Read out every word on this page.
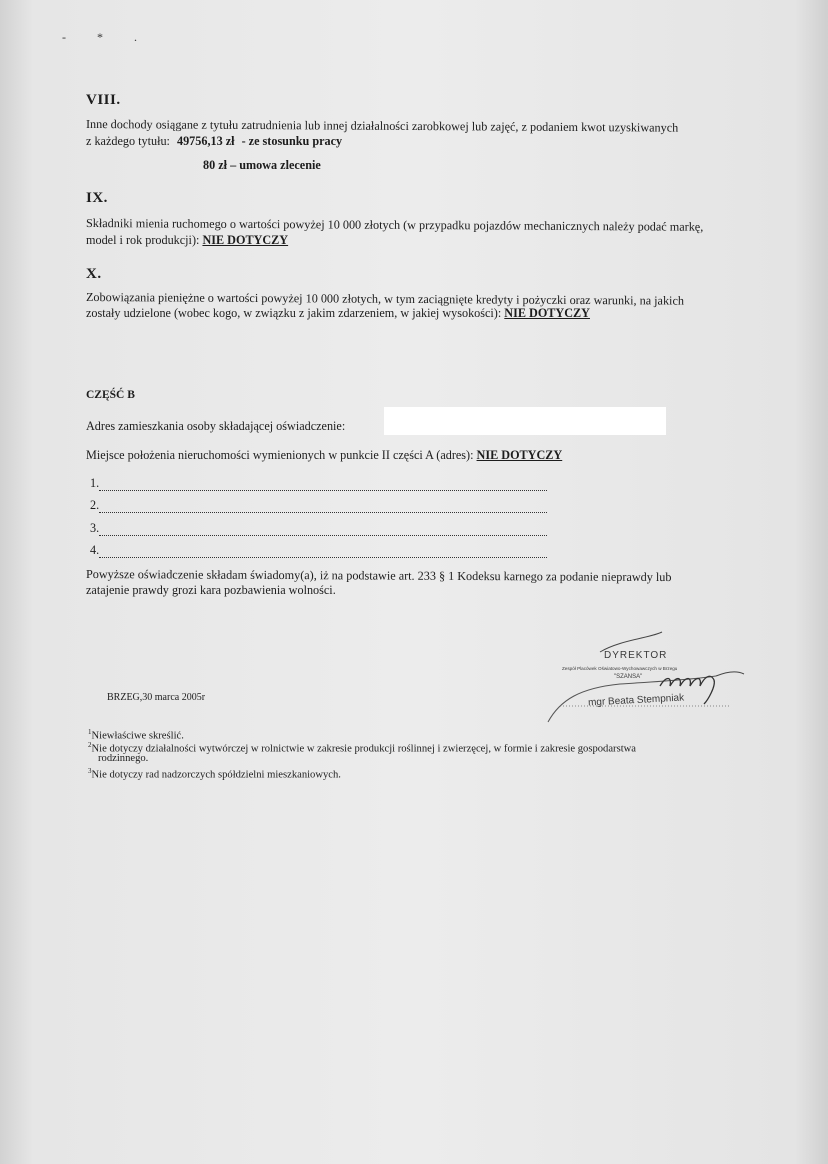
- * .
VIII.
Inne dochody osiągane z tytułu zatrudnienia lub innej działalności zarobkowej lub zajęć, z podaniem kwot uzyskiwanych
z każdego tytułu: 49756,13 zł - ze stosunku pracy
80 zł – umowa zlecenie
IX.
Składniki mienia ruchomego o wartości powyżej 10 000 złotych (w przypadku pojazdów mechanicznych należy podać markę,
model i rok produkcji): NIE DOTYCZY
X.
Zobowiązania pieniężne o wartości powyżej 10 000 złotych, w tym zaciągnięte kredyty i pożyczki oraz warunki, na jakich
zostały udzielone (wobec kogo, w związku z jakim zdarzeniem, w jakiej wysokości): NIE DOTYCZY
CZĘŚĆ B
Adres zamieszkania osoby składającej oświadczenie:
Miejsce położenia nieruchomości wymienionych w punkcie II części A (adres): NIE DOTYCZY
1.
2.
3.
4.
Powyższe oświadczenie składam świadomy(a), iż na podstawie art. 233 § 1 Kodeksu karnego za podanie nieprawdy lub
zatajenie prawdy grozi kara pozbawienia wolności.
DYREKTOR
Zespół Placówek Oświatowo-Wychowawczych w Brzegu
"SZANSA"
mgr Beata Stempniak
BRZEG,30 marca 2005r
$^1$Niewłaściwe skreślić.
$^2$Nie dotyczy działalności wytwórczej w rolnictwie w zakresie produkcji roślinnej i zwierzęcej, w formie i zakresie gospodarstwa
rodzinnego.
$^3$Nie dotyczy rad nadzorczych spółdzielni mieszkaniowych.
